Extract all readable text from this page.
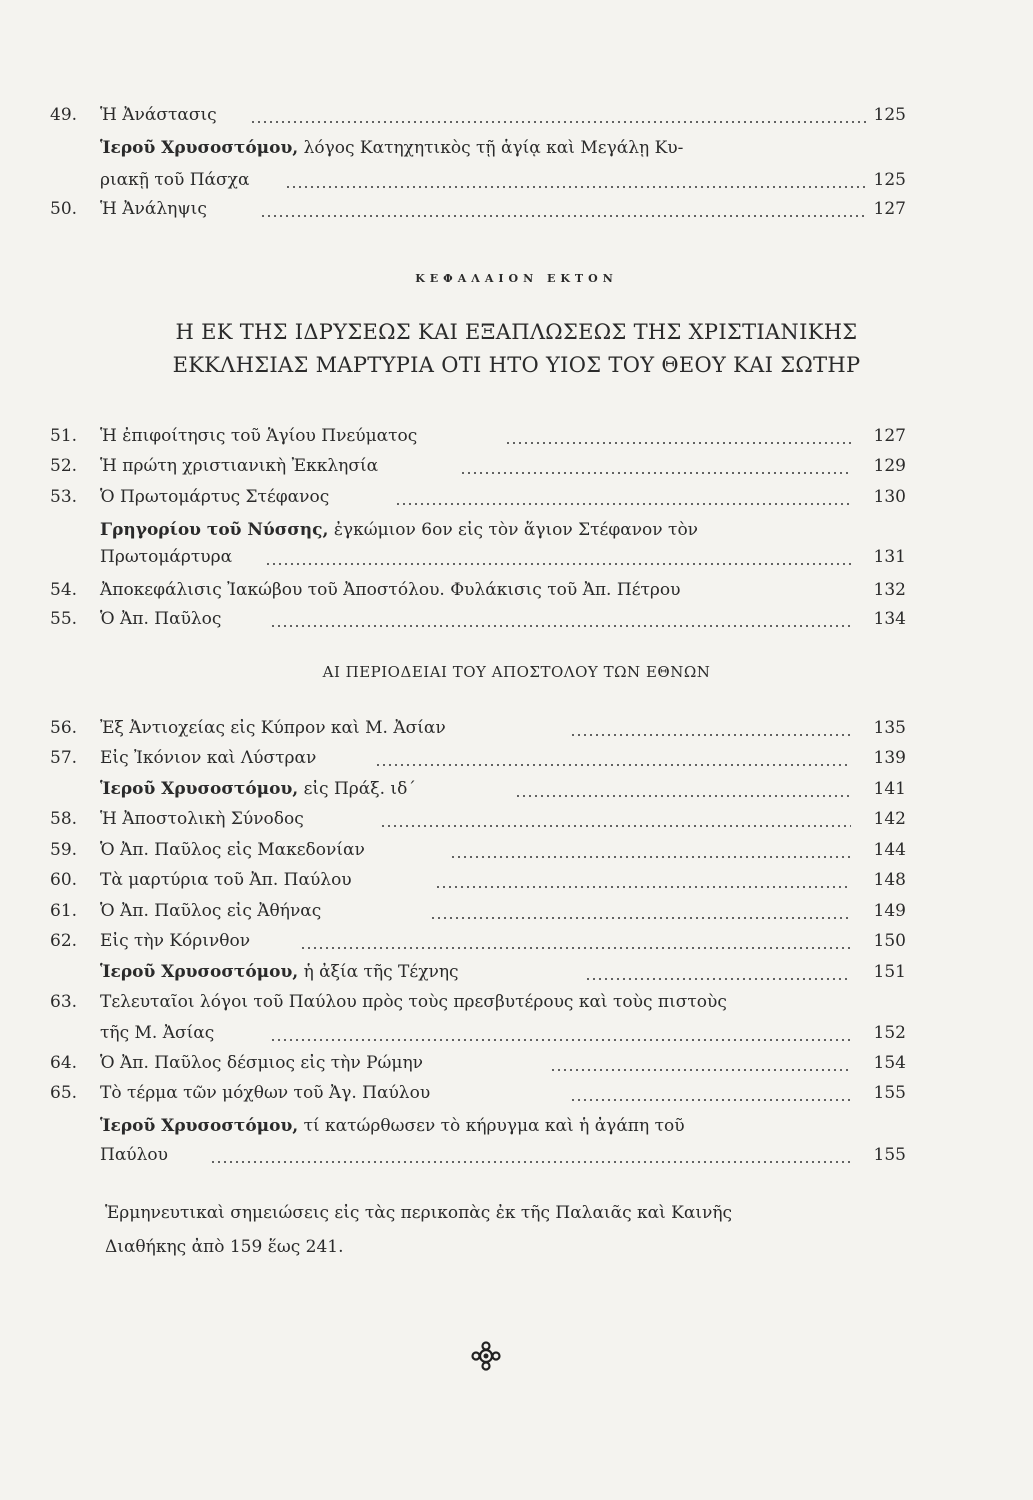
49. Ἡ Ἀνάστασις	125
Ἱεροῦ Χρυσοστόμου, λόγος Κατηχητικὸς τῇ ἁγίᾳ καὶ Μεγάλῃ Κυ-
ριακῇ τοῦ Πάσχα	125
50. Ἡ Ἀνάληψις	127
ΚΕΦΑΛΑΙΟΝ ΕΚΤΟΝ
Η ΕΚ ΤΗΣ ΙΔΡΥΣΕΩΣ ΚΑΙ ΕΞΑΠΛΩΣΕΩΣ ΤΗΣ ΧΡΙΣΤΙΑΝΙΚΗΣ
ΕΚΚΛΗΣΙΑΣ ΜΑΡΤΥΡΙΑ ΟΤΙ ΗΤΟ ΥΙΟΣ ΤΟΥ ΘΕΟΥ ΚΑΙ ΣΩΤΗΡ
51. Ἡ ἐπιφοίτησις τοῦ Ἁγίου Πνεύματος	127
52. Ἡ πρώτη χριστιανικὴ Ἐκκλησία	129
53. Ὁ Πρωτομάρτυς Στέφανος	130
Γρηγορίου τοῦ Νύσσης, ἐγκώμιον 6ον εἰς τὸν ἅγιον Στέφανον τὸν
Πρωτομάρτυρα	131
54. Ἀποκεφάλισις Ἰακώβου τοῦ Ἀποστόλου. Φυλάκισις τοῦ Ἀπ. Πέτρου	132
55. Ὁ Ἀπ. Παῦλος	134
ΑΙ ΠΕΡΙΟΔΕΙΑΙ ΤΟΥ ΑΠΟΣΤΟΛΟΥ ΤΩΝ ΕΘΝΩΝ
56. Ἐξ Ἀντιοχείας εἰς Κύπρον καὶ Μ. Ἀσίαν	135
57. Εἰς Ἰκόνιον καὶ Λύστραν	139
Ἱεροῦ Χρυσοστόμου, εἰς Πράξ. ιδ΄	141
58. Ἡ Ἀποστολικὴ Σύνοδος	142
59. Ὁ Ἀπ. Παῦλος εἰς Μακεδονίαν	144
60. Τὰ μαρτύρια τοῦ Ἀπ. Παύλου	148
61. Ὁ Ἀπ. Παῦλος εἰς Ἀθήνας	149
62. Εἰς τὴν Κόρινθον	150
Ἱεροῦ Χρυσοστόμου, ἡ ἀξία τῆς Τέχνης	151
63. Τελευταῖοι λόγοι τοῦ Παύλου πρὸς τοὺς πρεσβυτέρους καὶ τοὺς πιστοὺς
τῆς Μ. Ἀσίας	152
64. Ὁ Ἀπ. Παῦλος δέσμιος εἰς τὴν Ρώμην	154
65. Τὸ τέρμα τῶν μόχθων τοῦ Ἀγ. Παύλου	155
Ἱεροῦ Χρυσοστόμου, τί κατώρθωσεν τὸ κήρυγμα καὶ ἡ ἀγάπη τοῦ
Παύλου	155
Ἑρμηνευτικαὶ σημειώσεις εἰς τὰς περικοπὰς ἐκ τῆς Παλαιᾶς καὶ Καινῆς
Διαθήκης ἀπὸ 159 ἕως 241.
